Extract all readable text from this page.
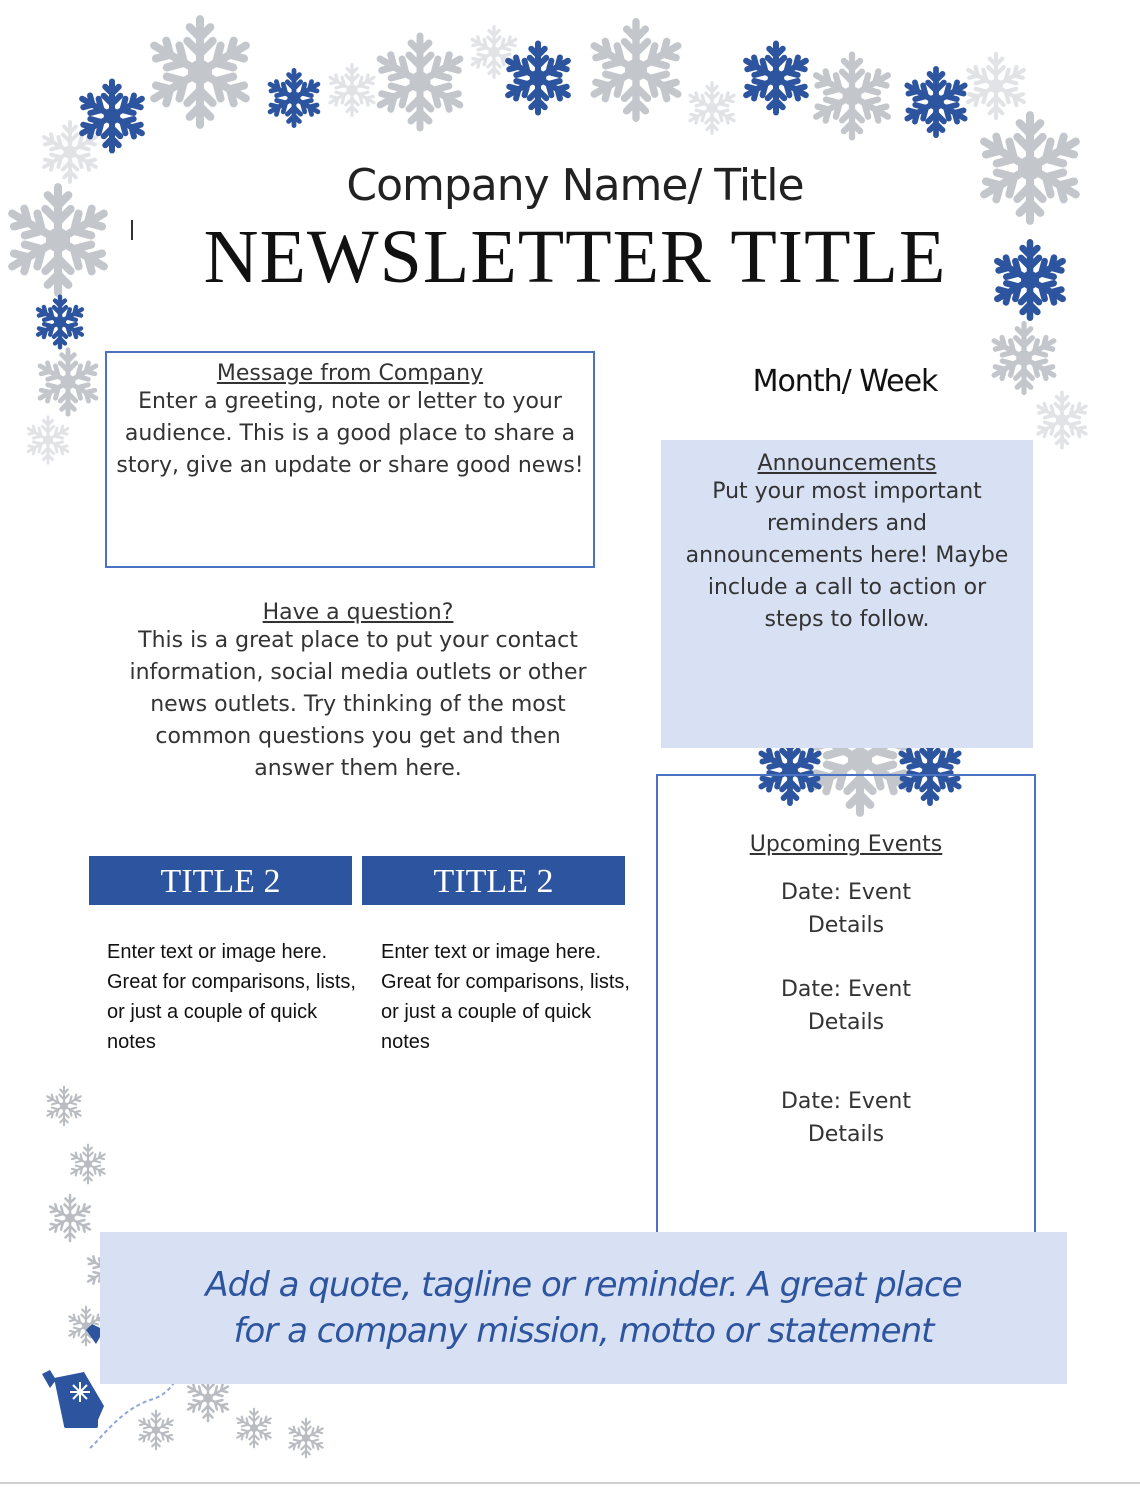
Company Name/ Title
NEWSLETTER TITLE
Message from Company
Enter a greeting, note or letter to your audience. This is a good place to share a story, give an update or share good news!
Month/ Week
Announcements
Put your most important reminders and announcements here! Maybe include a call to action or steps to follow.
Have a question?
This is a great place to put your contact information, social media outlets or other news outlets. Try thinking of the most common questions you get and then answer them here.
TITLE 2	TITLE 2
Enter text or image here. Great for comparisons, lists, or just a couple of quick notes
Enter text or image here. Great for comparisons, lists, or just a couple of quick notes
Upcoming Events
Date: Event
Details
Date: Event
Details
Date: Event
Details
Add a quote, tagline or reminder. A great place for a company mission, motto or statement
